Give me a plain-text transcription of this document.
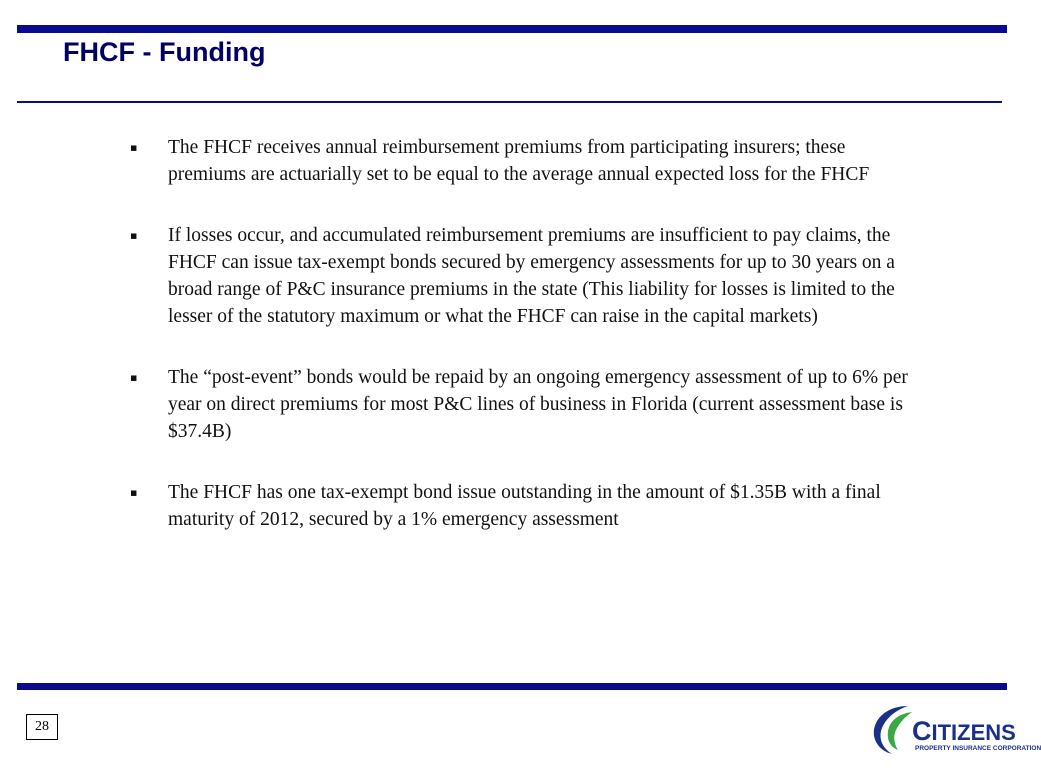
FHCF - Funding
▪ The FHCF receives annual reimbursement premiums from participating insurers; these premiums are actuarially set to be equal to the average annual expected loss for the FHCF
▪ If losses occur, and accumulated reimbursement premiums are insufficient to pay claims, the FHCF can issue tax-exempt bonds secured by emergency assessments for up to 30 years on a broad range of P&C insurance premiums in the state (This liability for losses is limited to the lesser of the statutory maximum or what the FHCF can raise in the capital markets)
▪ The “post-event” bonds would be repaid by an ongoing emergency assessment of up to 6% per year on direct premiums for most P&C lines of business in Florida (current assessment base is $37.4B)
▪ The FHCF has one tax-exempt bond issue outstanding in the amount of $1.35B with a final maturity of 2012, secured by a 1% emergency assessment
28	CITIZENS
PROPERTY INSURANCE CORPORATION
